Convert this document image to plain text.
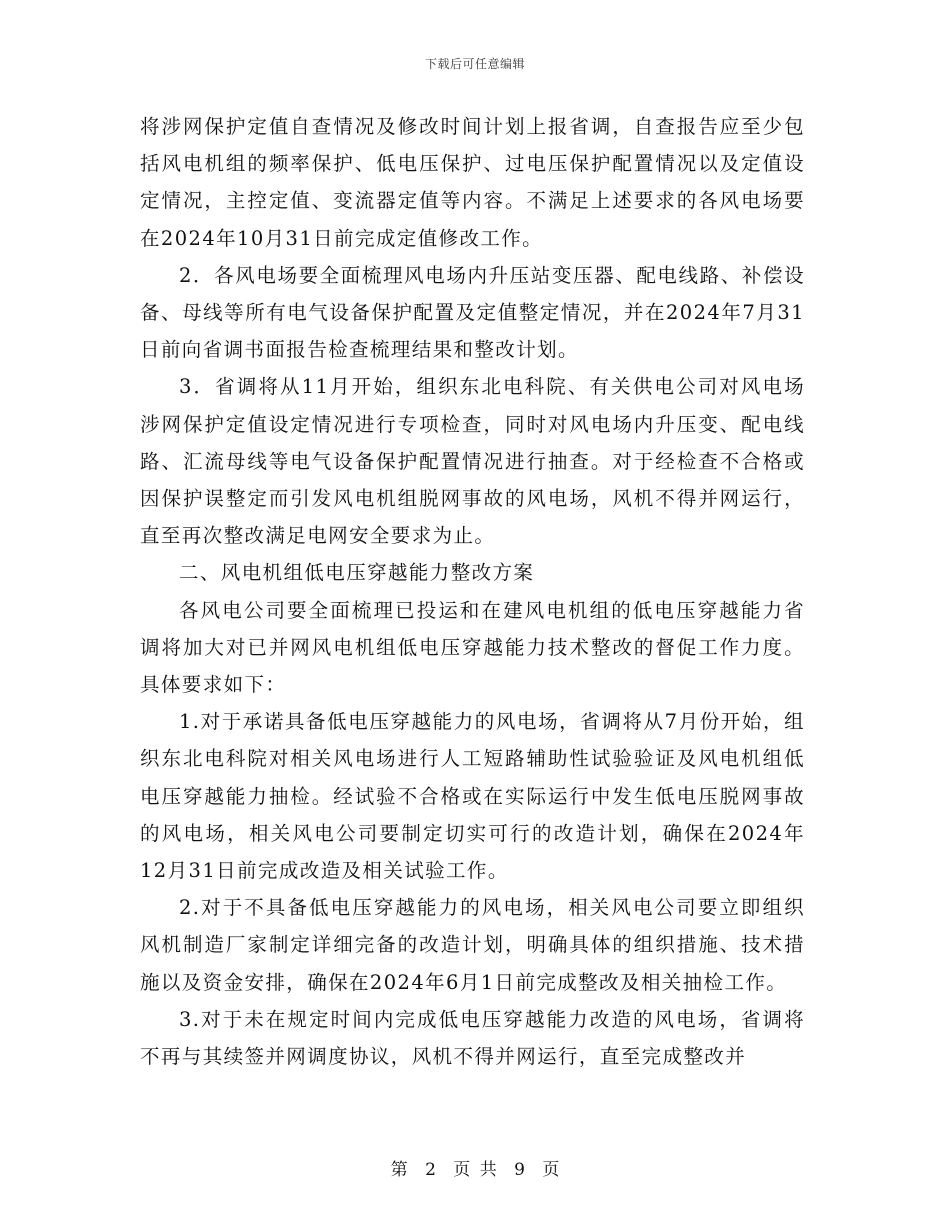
下载后可任意编辑

将涉网保护定值自查情况及修改时间计划上报省调，自查报告应至少包括风电机组的频率保护、低电压保护、过电压保护配置情况以及定值设定情况，主控定值、变流器定值等内容。不满足上述要求的各风电场要在2024年10月31日前完成定值修改工作。

2．各风电场要全面梳理风电场内升压站变压器、配电线路、补偿设备、母线等所有电气设备保护配置及定值整定情况，并在2024年7月31日前向省调书面报告检查梳理结果和整改计划。

3．省调将从11月开始，组织东北电科院、有关供电公司对风电场涉网保护定值设定情况进行专项检查，同时对风电场内升压变、配电线路、汇流母线等电气设备保护配置情况进行抽查。对于经检查不合格或因保护误整定而引发风电机组脱网事故的风电场，风机不得并网运行，直至再次整改满足电网安全要求为止。

二、风电机组低电压穿越能力整改方案

各风电公司要全面梳理已投运和在建风电机组的低电压穿越能力省调将加大对已并网风电机组低电压穿越能力技术整改的督促工作力度。具体要求如下：

1.对于承诺具备低电压穿越能力的风电场，省调将从7月份开始，组织东北电科院对相关风电场进行人工短路辅助性试验验证及风电机组低电压穿越能力抽检。经试验不合格或在实际运行中发生低电压脱网事故的风电场，相关风电公司要制定切实可行的改造计划，确保在2024年12月31日前完成改造及相关试验工作。

2.对于不具备低电压穿越能力的风电场，相关风电公司要立即组织风机制造厂家制定详细完备的改造计划，明确具体的组织措施、技术措施以及资金安排，确保在2024年6月1日前完成整改及相关抽检工作。

3.对于未在规定时间内完成低电压穿越能力改造的风电场，省调将不再与其续签并网调度协议，风机不得并网运行，直至完成整改并

第 2 页 共 9 页
